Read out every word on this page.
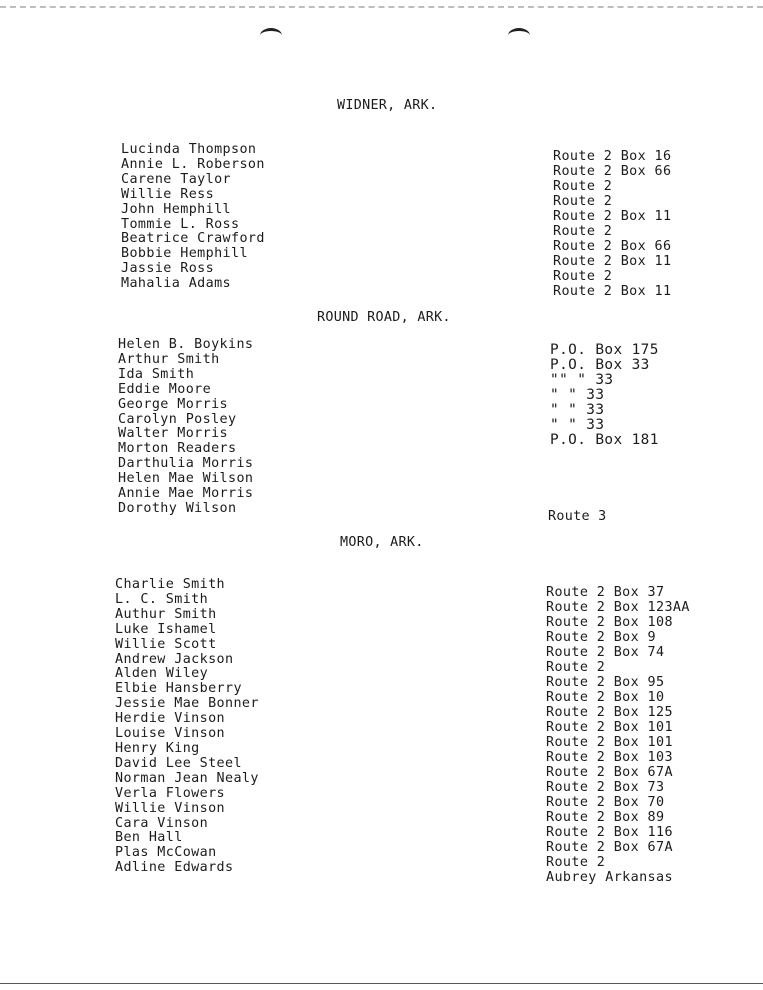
WIDNER, ARK.
Lucinda Thompson
Annie L. Roberson
Carene Taylor
Willie Ress
John Hemphill
Tommie L. Ross
Beatrice Crawford
Bobbie Hemphill
Jassie Ross
Mahalia Adams
Route 2 Box 16
Route 2 Box 66
Route 2
Route 2
Route 2 Box 11
Route 2
Route 2 Box 66
Route 2 Box 11
Route 2
Route 2 Box 11
ROUND ROAD, ARK.
Helen B. Boykins
Arthur Smith
Ida Smith
Eddie Moore
George Morris
Carolyn Posley
Walter Morris
Morton Readers
Darthulia Morris
Helen Mae Wilson
Annie Mae Morris
Dorothy Wilson
P.O. Box 175
P.O. Box 33
"" " 33
" " 33
" " 33
" " 33
P.O. Box 181
Route 3
MORO, ARK.
Charlie Smith
L. C. Smith
Authur Smith
Luke Ishamel
Willie Scott
Andrew Jackson
Alden Wiley
Elbie Hansberry
Jessie Mae Bonner
Herdie Vinson
Louise Vinson
Henry King
David Lee Steel
Norman Jean Nealy
Verla Flowers
Willie Vinson
Cara Vinson
Ben Hall
Plas McCowan
Adline Edwards
Route 2 Box 37
Route 2 Box 123AA
Route 2 Box 108
Route 2 Box 9
Route 2 Box 74
Route 2
Route 2 Box 95
Route 2 Box 10
Route 2 Box 125
Route 2 Box 101
Route 2 Box 101
Route 2 Box 103
Route 2 Box 67A
Route 2 Box 73
Route 2 Box 70
Route 2 Box 89
Route 2 Box 116
Route 2 Box 67A
Route 2
Aubrey Arkansas
